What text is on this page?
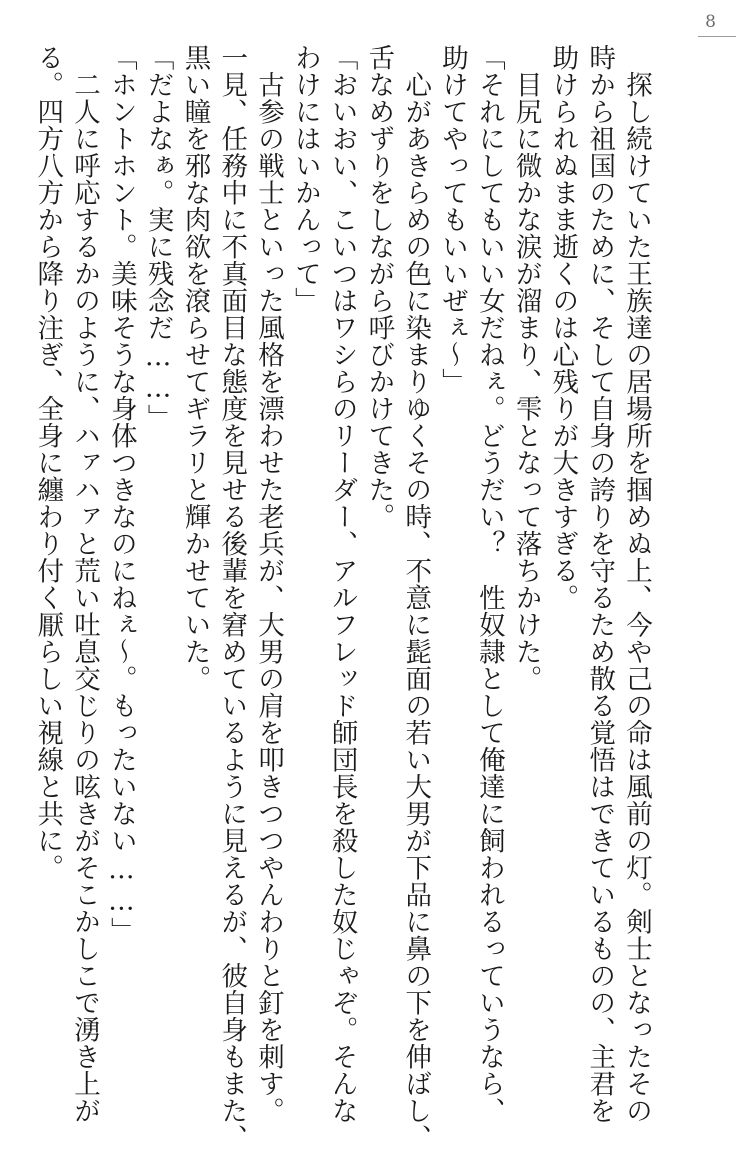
8

　探し続けていた王族達の居場所を掴めぬ上、今や己の命は風前の灯。剣士となったその

時から祖国のために、そして自身の誇りを守るため散る覚悟はできているものの、主君を

助けられぬまま逝くのは心残りが大きすぎる。

　目尻に微かな涙が溜まり、雫となって落ちかけた。

「それにしてもいい女だねぇ。どうだい？　性奴隷として俺達に飼われるっていうなら、

助けてやってもいいぜぇ～」

　心があきらめの色に染まりゆくその時、不意に髭面の若い大男が下品に鼻の下を伸ばし、

舌なめずりをしながら呼びかけてきた。

「おいおい、こいつはワシらのリーダー、アルフレッド師団長を殺した奴じゃぞ。そんな

わけにはいかんって」

　古参の戦士といった風格を漂わせた老兵が、大男の肩を叩きつつやんわりと釘を刺す。

一見、任務中に不真面目な態度を見せる後輩を窘めているように見えるが、彼自身もまた、

黒い瞳を邪な肉欲を滾らせてギラリと輝かせていた。

「だよなぁ。実に残念だ……」

「ホントホント。美味そうな身体つきなのにねぇ～。もったいない……」

　二人に呼応するかのように、ハァハァと荒い吐息交じりの呟きがそこかしこで湧き上が

る。四方八方から降り注ぎ、全身に纏わり付く厭らしい視線と共に。
